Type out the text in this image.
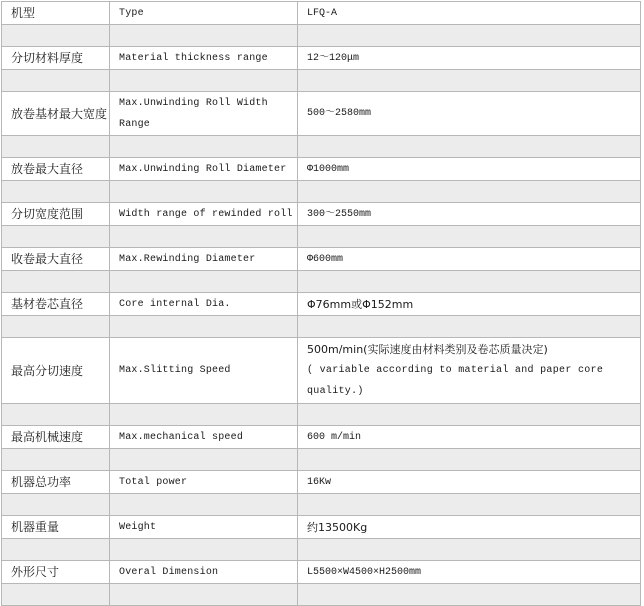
机型	Type	LFQ-A

分切材料厚度	Material thickness range	12～120μm

放卷基材最大宽度	Max.Unwinding Roll Width Range	500～2580mm

放卷最大直径	Max.Unwinding Roll Diameter	Φ1000mm

分切宽度范围	Width range of rewinded roll	300～2550mm

收卷最大直径	Max.Rewinding Diameter	Φ600mm

基材卷芯直径	Core internal Dia.	Φ76mm或Φ152mm

最高分切速度	Max.Slitting Speed	500m/min(实际速度由材料类别及卷芯质量决定)
( variable according to material and paper core quality.)

最高机械速度	Max.mechanical speed	600 m/min

机器总功率	Total power	16Kw

机器重量	Weight	约13500Kg

外形尺寸	Overal Dimension	L5500×W4500×H2500mm
